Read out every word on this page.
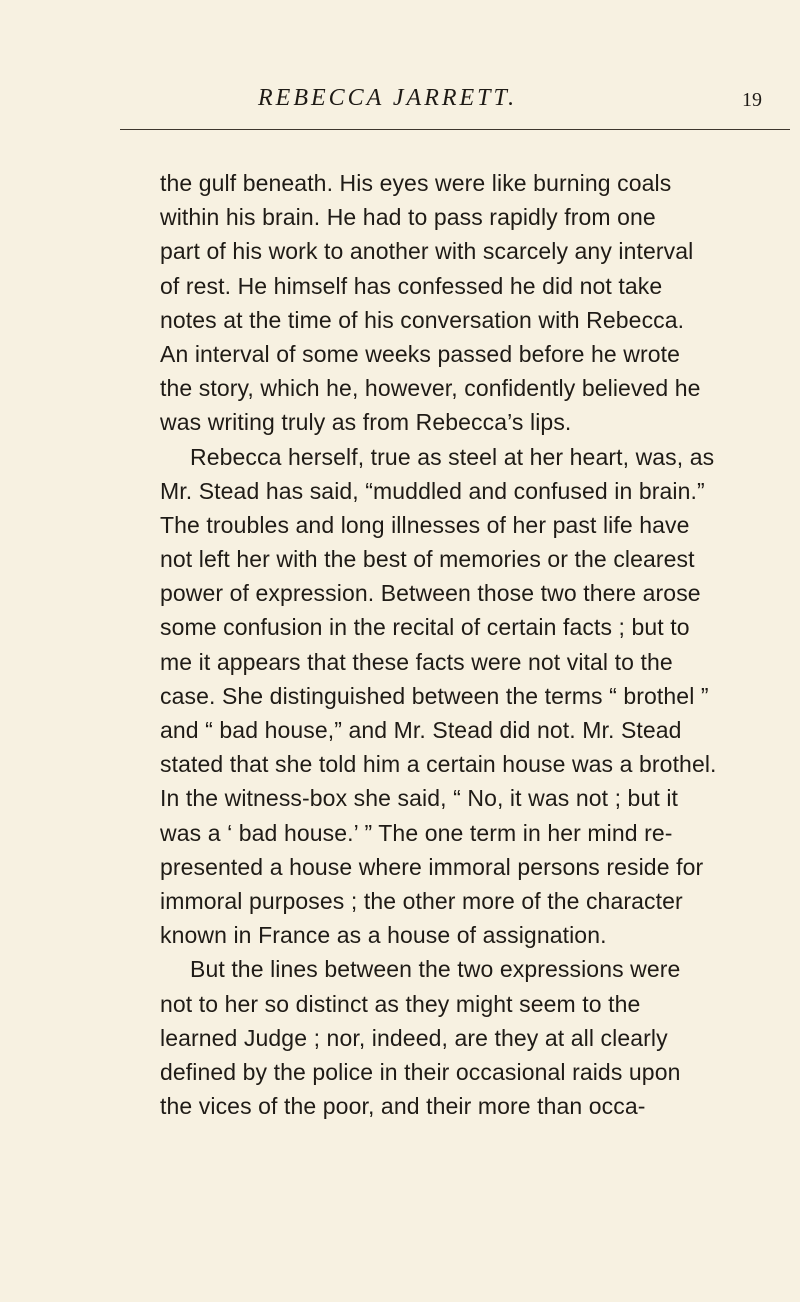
REBECCA JARRETT.	19
the gulf beneath. His eyes were like burning coals
within his brain. He had to pass rapidly from one
part of his work to another with scarcely any interval
of rest. He himself has confessed he did not take
notes at the time of his conversation with Rebecca.
An interval of some weeks passed before he wrote
the story, which he, however, confidently believed he
was writing truly as from Rebecca’s lips.
Rebecca herself, true as steel at her heart, was, as
Mr. Stead has said, “muddled and confused in brain.”
The troubles and long illnesses of her past life have
not left her with the best of memories or the clearest
power of expression. Between those two there arose
some confusion in the recital of certain facts ; but to
me it appears that these facts were not vital to the
case. She distinguished between the terms “ brothel ”
and “ bad house,” and Mr. Stead did not. Mr. Stead
stated that she told him a certain house was a brothel.
In the witness-box she said, “ No, it was not ; but it
was a ‘ bad house.’ ” The one term in her mind re-
presented a house where immoral persons reside for
immoral purposes ; the other more of the character
known in France as a house of assignation.
But the lines between the two expressions were
not to her so distinct as they might seem to the
learned Judge ; nor, indeed, are they at all clearly
defined by the police in their occasional raids upon
the vices of the poor, and their more than occa-
